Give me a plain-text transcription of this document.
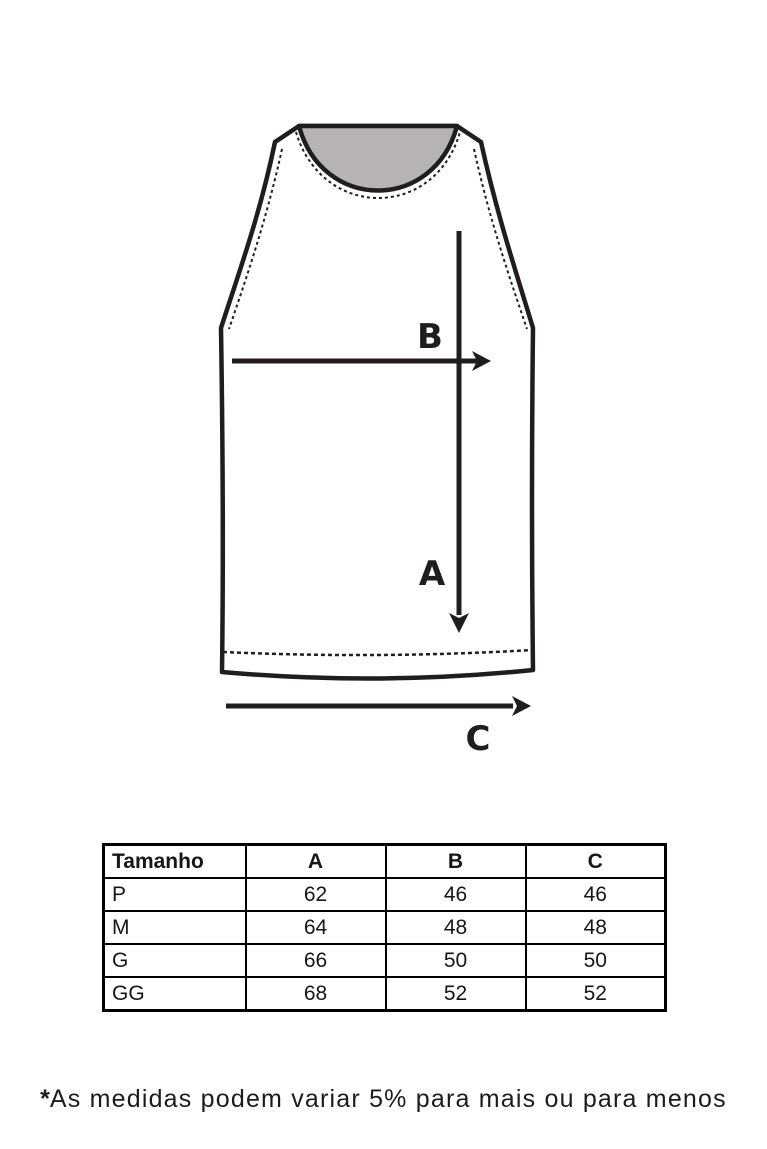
B
A
C
Tamanho	A	B	C
P	62	46	46
M	64	48	48
G	66	50	50
GG	68	52	52

*As medidas podem variar 5% para mais ou para menos
